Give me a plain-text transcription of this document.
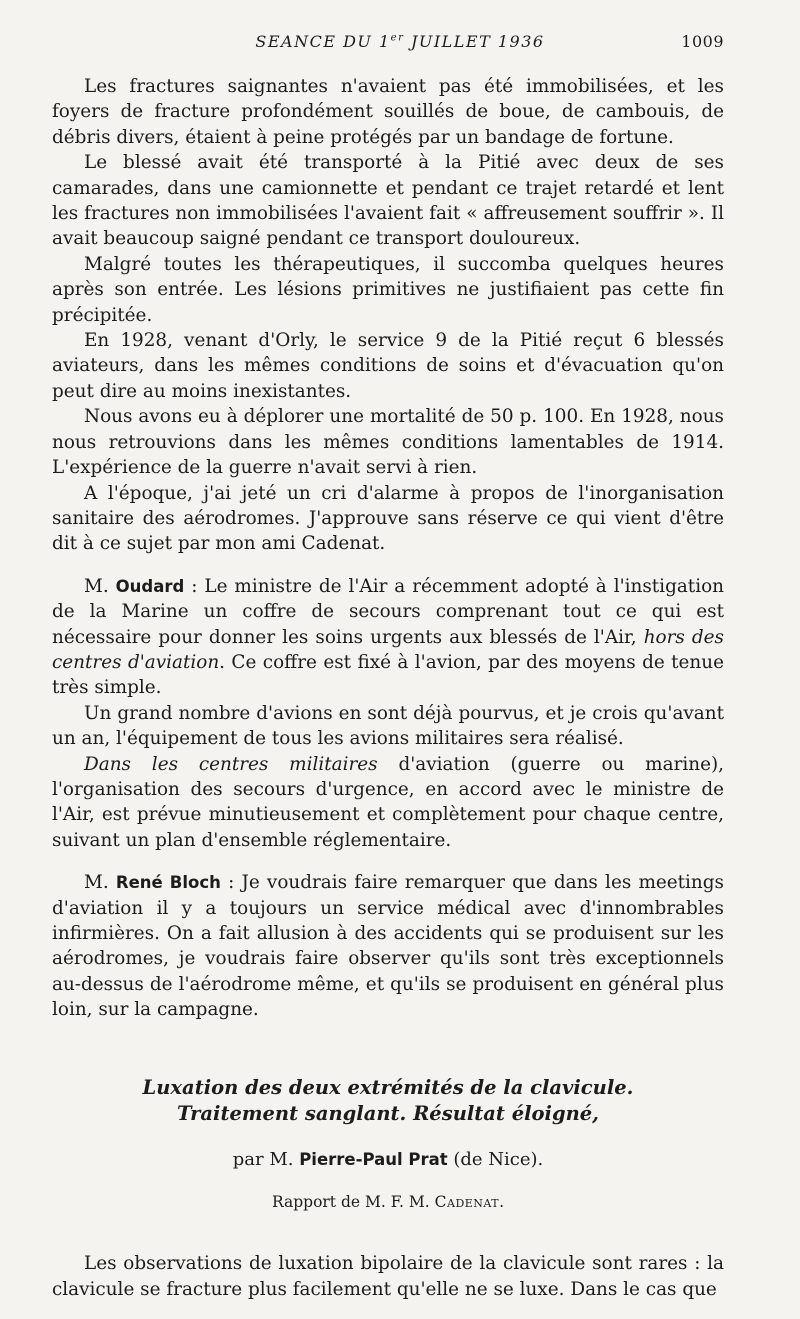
SEANCE DU 1er JUILLET 1936	1009

Les fractures saignantes n'avaient pas été immobilisées, et les foyers de fracture profondément souillés de boue, de cambouis, de débris divers, étaient à peine protégés par un bandage de fortune.

Le blessé avait été transporté à la Pitié avec deux de ses camarades, dans une camionnette et pendant ce trajet retardé et lent les fractures non immobilisées l'avaient fait « affreusement souffrir ». Il avait beaucoup saigné pendant ce transport douloureux.

Malgré toutes les thérapeutiques, il succomba quelques heures après son entrée. Les lésions primitives ne justifiaient pas cette fin précipitée.

En 1928, venant d'Orly, le service 9 de la Pitié reçut 6 blessés aviateurs, dans les mêmes conditions de soins et d'évacuation qu'on peut dire au moins inexistantes.

Nous avons eu à déplorer une mortalité de 50 p. 100. En 1928, nous nous retrouvions dans les mêmes conditions lamentables de 1914. L'expérience de la guerre n'avait servi à rien.

A l'époque, j'ai jeté un cri d'alarme à propos de l'inorganisation sanitaire des aérodromes. J'approuve sans réserve ce qui vient d'être dit à ce sujet par mon ami Cadenat.

M. Oudard : Le ministre de l'Air a récemment adopté à l'instigation de la Marine un coffre de secours comprenant tout ce qui est nécessaire pour donner les soins urgents aux blessés de l'Air, hors des centres d'aviation. Ce coffre est fixé à l'avion, par des moyens de tenue très simple.

Un grand nombre d'avions en sont déjà pourvus, et je crois qu'avant un an, l'équipement de tous les avions militaires sera réalisé.

Dans les centres militaires d'aviation (guerre ou marine), l'organisation des secours d'urgence, en accord avec le ministre de l'Air, est prévue minutieusement et complètement pour chaque centre, suivant un plan d'ensemble réglementaire.

M. René Bloch : Je voudrais faire remarquer que dans les meetings d'aviation il y a toujours un service médical avec d'innombrables infirmières. On a fait allusion à des accidents qui se produisent sur les aérodromes, je voudrais faire observer qu'ils sont très exceptionnels au-dessus de l'aérodrome même, et qu'ils se produisent en général plus loin, sur la campagne.

Luxation des deux extrémités de la clavicule.
Traitement sanglant. Résultat éloigné,
par M. Pierre-Paul Prat (de Nice).
Rapport de M. F. M. Cadenat.

Les observations de luxation bipolaire de la clavicule sont rares : la clavicule se fracture plus facilement qu'elle ne se luxe. Dans le cas que
